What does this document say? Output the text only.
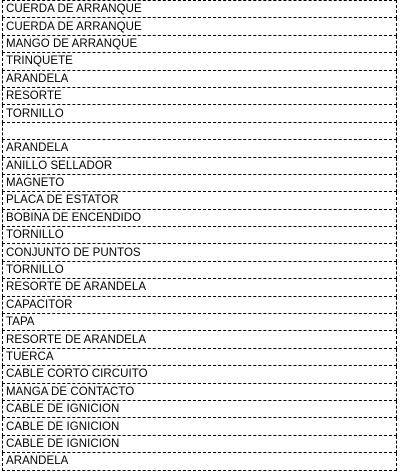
CUERDA DE ARRANQUE
CUERDA DE ARRANQUE
MANGO DE ARRANQUE
TRINQUETE
ARANDELA
RESORTE
TORNILLO

ARANDELA
ANILLO SELLADOR
MAGNETO
PLACA DE ESTATOR
BOBINA DE ENCENDIDO
TORNILLO
CONJUNTO DE PUNTOS
TORNILLO
RESORTE DE ARANDELA
CAPACITOR
TAPA
RESORTE DE ARANDELA
TUERCA
CABLE CORTO CIRCUITO
MANGA DE CONTACTO
CABLE DE IGNICION
CABLE DE IGNICION
CABLE DE IGNICION
ARANDELA
